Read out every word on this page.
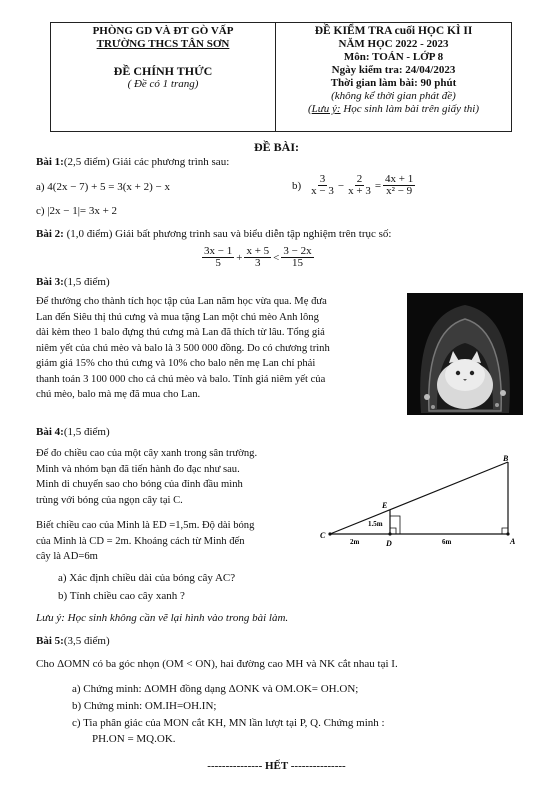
PHÒNG GD VÀ ĐT GÒ VẤP
TRƯỜNG THCS TÂN SƠN
ĐỀ CHÍNH THỨC
( Đề có 1 trang)
ĐỀ KIỂM TRA cuối HỌC KÌ II
NĂM HỌC 2022 - 2023
Môn: TOÁN - LỚP 8
Ngày kiểm tra: 24/04/2023
Thời gian làm bài: 90 phút
(không kể thời gian phát đề)
(Lưu ý: Học sinh làm bài trên giấy thi)
ĐỀ BÀI:
Bài 1:(2,5 điểm) Giải các phương trình sau:
a) 4(2x − 7) + 5 = 3(x + 2) − x	$b) \frac{3}{x - 3} - \frac{2}{x + 3} = \frac{4x + 1}{\text{x² − 9}}$
c) |2x − 1|= 3x + 2
Bài 2: (1,0 điểm) Giải bất phương trình sau và biểu diễn tập nghiệm trên trục số:
$\frac{3x - 1}{5} + \frac{x + 5}{3} < \frac{3 - 2x}{15}$
Bài 3:(1,5 điểm)
Để thưởng cho thành tích học tập của Lan năm học vừa qua. Mẹ đưa
Lan đến Siêu thị thú cưng và mua tặng Lan một chú mèo Anh lông
dài kèm theo 1 balo đựng thú cưng mà Lan đã thích từ lâu. Tổng giá
niêm yết của chú mèo và balo là 3 500 000 đồng. Do có chương trình
giảm giá 15% cho thú cưng và 10% cho balo nên mẹ Lan chỉ phải
thanh toán 3 100 000 cho cả chú mèo và balo. Tính giá niêm yết của
chú mèo, balo mà mẹ đã mua cho Lan.
Bài 4:(1,5 điểm)
Để đo chiều cao của một cây xanh trong sân trường.
Minh và nhóm bạn đã tiến hành đo đạc như sau.
Minh di chuyển sao cho bóng của đỉnh đầu mình
trùng với bóng của ngọn cây tại C.
Biết chiều cao của Minh là ED =1,5m. Độ dài bóng
của Minh là CD = 2m. Khoảng cách từ Minh đến
cây là AD=6m
a) Xác định chiều dài của bóng cây AC?
b) Tính chiều cao cây xanh ?
Lưu ý: Học sinh không cần vẽ lại hình vào trong bài làm.
B
E
C
D	A
1.5m
2m	6m
Bài 5:(3,5 điểm)
Cho ΔOMN có ba góc nhọn (OM < ON), hai đường cao MH và NK cắt nhau tại I.
a) Chứng minh: ΔOMH đồng dạng ΔONK và OM.OK= OH.ON;
b) Chứng minh: OM.IH=OH.IN;
c) Tia phân giác của MON cắt KH, MN lần lượt tại P, Q. Chứng minh :
PH.ON = MQ.OK.
--------------- HẾT ---------------
